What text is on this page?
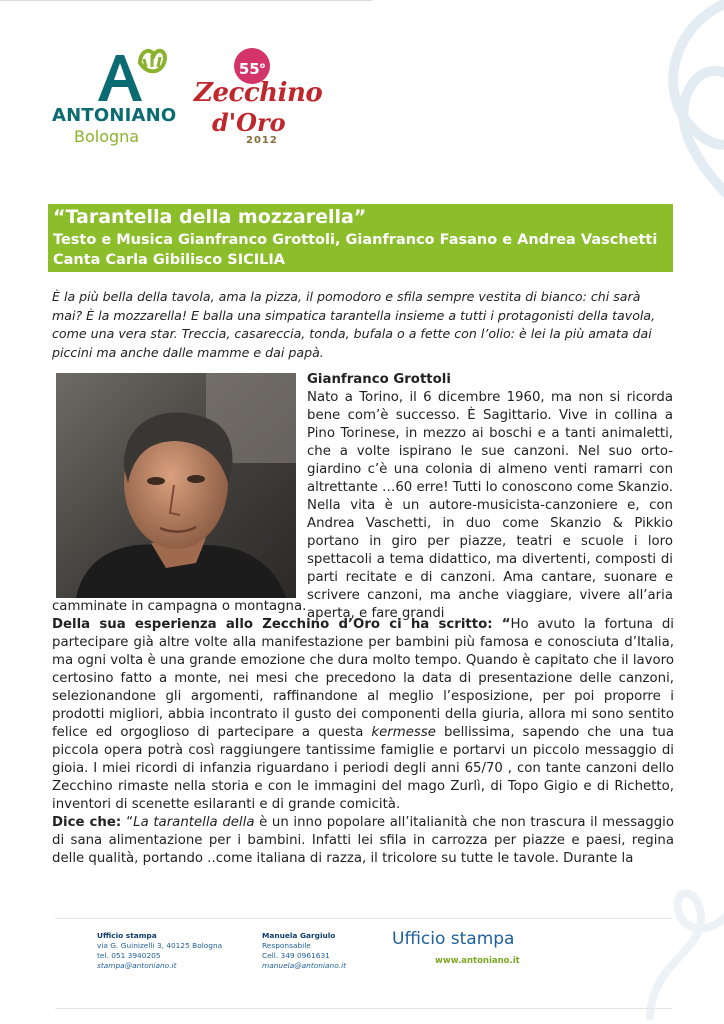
ANTONIANO
Bologna
55$^o$
Zecchino
d'Oro
2012
“Tarantella della mozzarella”
Testo e Musica Gianfranco Grottoli, Gianfranco Fasano e Andrea Vaschetti
Canta Carla Gibilisco SICILIA
È la più bella della tavola, ama la pizza, il pomodoro e sfila sempre vestita di bianco: chi sarà mai? È la mozzarella! E balla una simpatica tarantella insieme a tutti i protagonisti della tavola, come una vera star. Treccia, casareccia, tonda, bufala o a fette con l’olio: è lei la più amata dai piccini ma anche dalle mamme e dai papà.
Gianfranco Grottoli
Nato a Torino, il 6 dicembre 1960, ma non si ricorda bene com’è successo. È Sagittario. Vive in collina a Pino Torinese, in mezzo ai boschi e a tanti animaletti, che a volte ispirano le sue canzoni. Nel suo orto-giardino c’è una colonia di almeno venti ramarri con altrettante …60 erre! Tutti lo conoscono come Skanzio. Nella vita è un autore-musicista-canzoniere e, con Andrea Vaschetti, in duo come Skanzio & Pikkio portano in giro per piazze, teatri e scuole i loro spettacoli a tema didattico, ma divertenti, composti di parti recitate e di canzoni. Ama cantare, suonare e scrivere canzoni, ma anche viaggiare, vivere all’aria aperta, e fare grandi
camminate in campagna o montagna.

Della sua esperienza allo Zecchino d’Oro ci ha scritto: “Ho avuto la fortuna di partecipare già altre volte alla manifestazione per bambini più famosa e conosciuta d’Italia, ma ogni volta è una grande emozione che dura molto tempo. Quando è capitato che il lavoro certosino fatto a monte, nei mesi che precedono la data di presentazione delle canzoni, selezionandone gli argomenti, raffinandone al meglio l’esposizione, per poi proporre i prodotti migliori, abbia incontrato il gusto dei componenti della giuria, allora mi sono sentito felice ed orgoglioso di partecipare a questa kermesse bellissima, sapendo che una tua piccola opera potrà così raggiungere tantissime famiglie e portarvi un piccolo messaggio di gioia. I miei ricordi di infanzia riguardano i periodi degli anni 65/70 , con tante canzoni dello Zecchino rimaste nella storia e con le immagini del mago Zurlì, di Topo Gigio e di Richetto, inventori di scenette esilaranti e di grande comicità.

Dice che: “La tarantella della è un inno popolare all’italianità che non trascura il messaggio di sana alimentazione per i bambini. Infatti lei sfila in carrozza per piazze e paesi, regina delle qualità, portando ..come italiana di razza, il tricolore su tutte le tavole. Durante la

Ufficio stampa
via G. Guinizelli 3, 40125 Bologna
tel. 051 3940205
stampa@antoniano.it
Manuela Gargiulo
Responsabile
Cell. 349 0961631
manuela@antoniano.it
Ufficio stampa
www.antoniano.it
